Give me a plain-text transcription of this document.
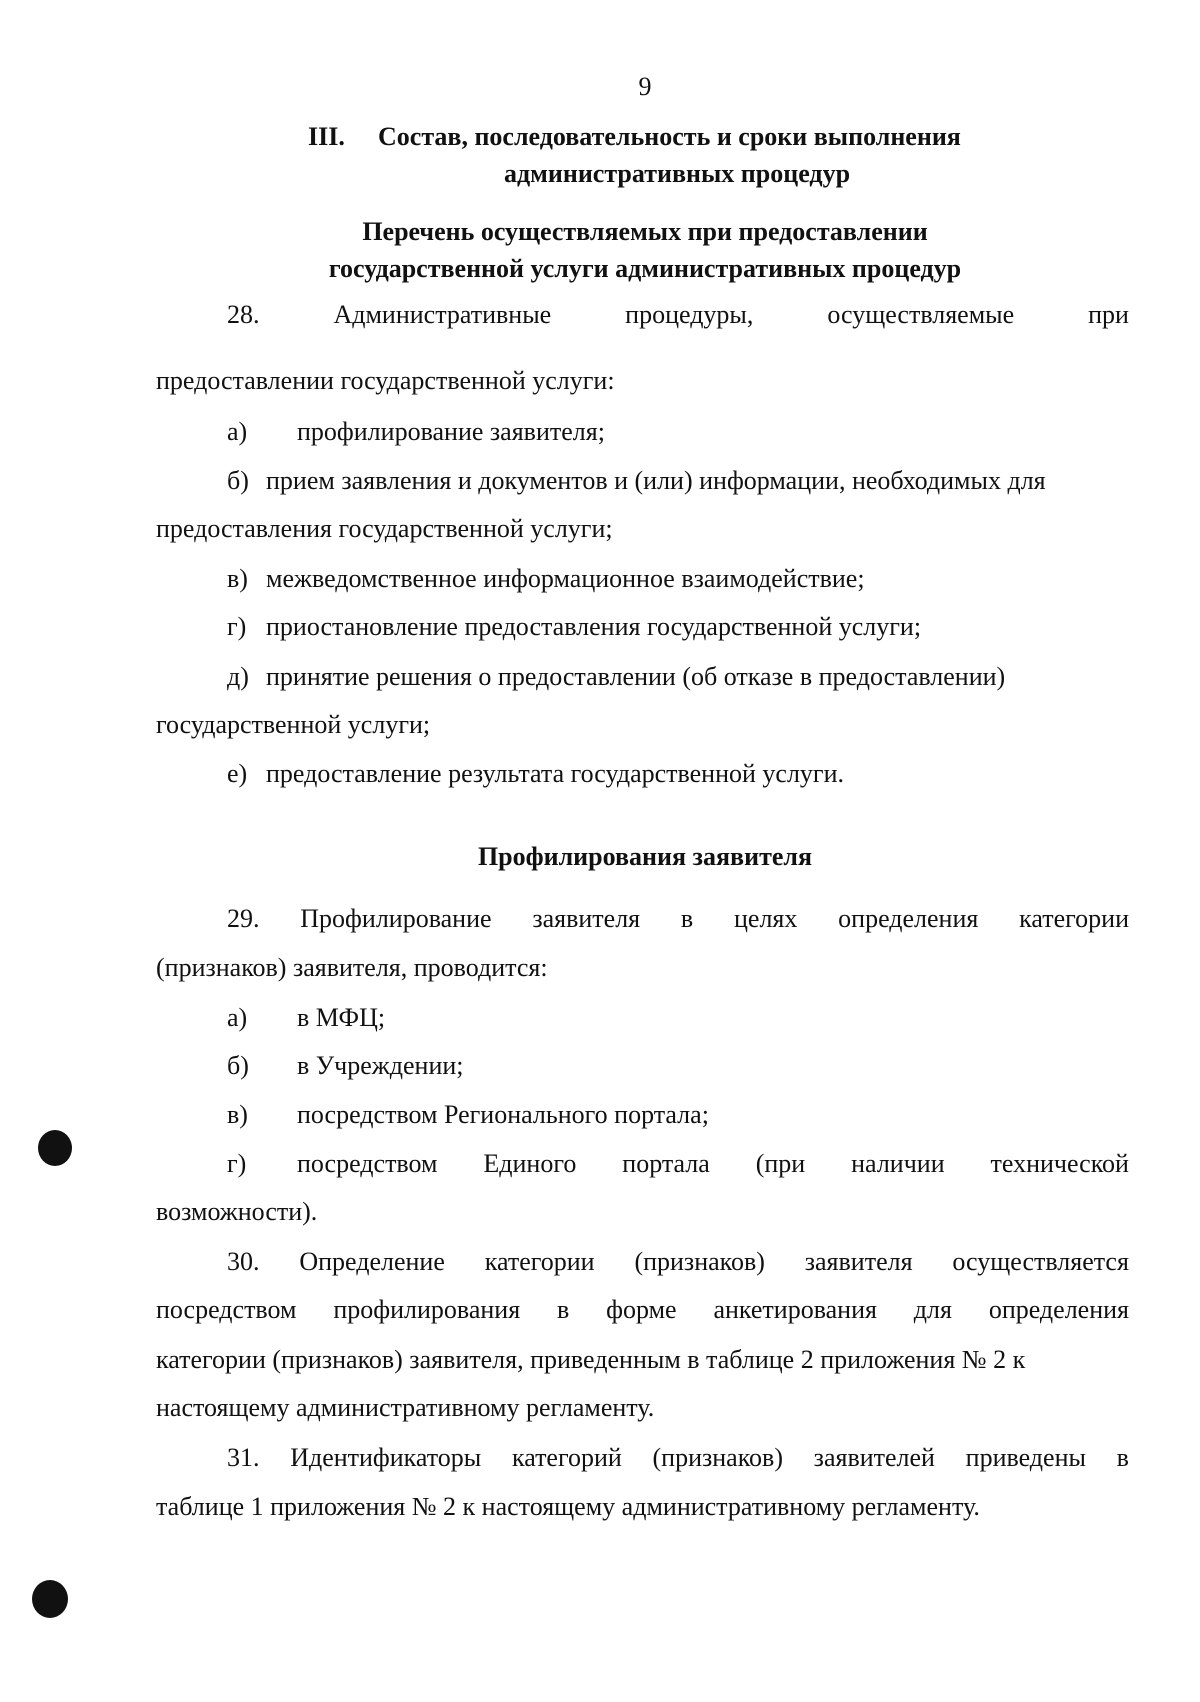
9
III. Состав, последовательность и сроки выполнения
административных процедур
Перечень осуществляемых при предоставлении
государственной услуги административных процедур
28.	Административные	процедуры,	осуществляемые	при
предоставлении государственной услуги:
а) профилирование заявителя;
б) прием заявления и документов и (или) информации, необходимых для
предоставления государственной услуги;
в) межведомственное информационное взаимодействие;
г) приостановление предоставления государственной услуги;
д) принятие решения о предоставлении (об отказе в предоставлении)
государственной услуги;
е) предоставление результата государственной услуги.
Профилирования заявителя
29. Профилирование заявителя в целях определения категории
(признаков) заявителя, проводится:
а) в МФЦ;
б) в Учреждении;
в) посредством Регионального портала;
г) посредством Единого портала (при наличии технической
возможности).
30. Определение категории (признаков) заявителя осуществляется
посредством профилирования в форме анкетирования для определения
категории (признаков) заявителя, приведенным в таблице 2 приложения № 2 к
настоящему административному регламенту.
31. Идентификаторы категорий (признаков) заявителей приведены в
таблице 1 приложения № 2 к настоящему административному регламенту.
